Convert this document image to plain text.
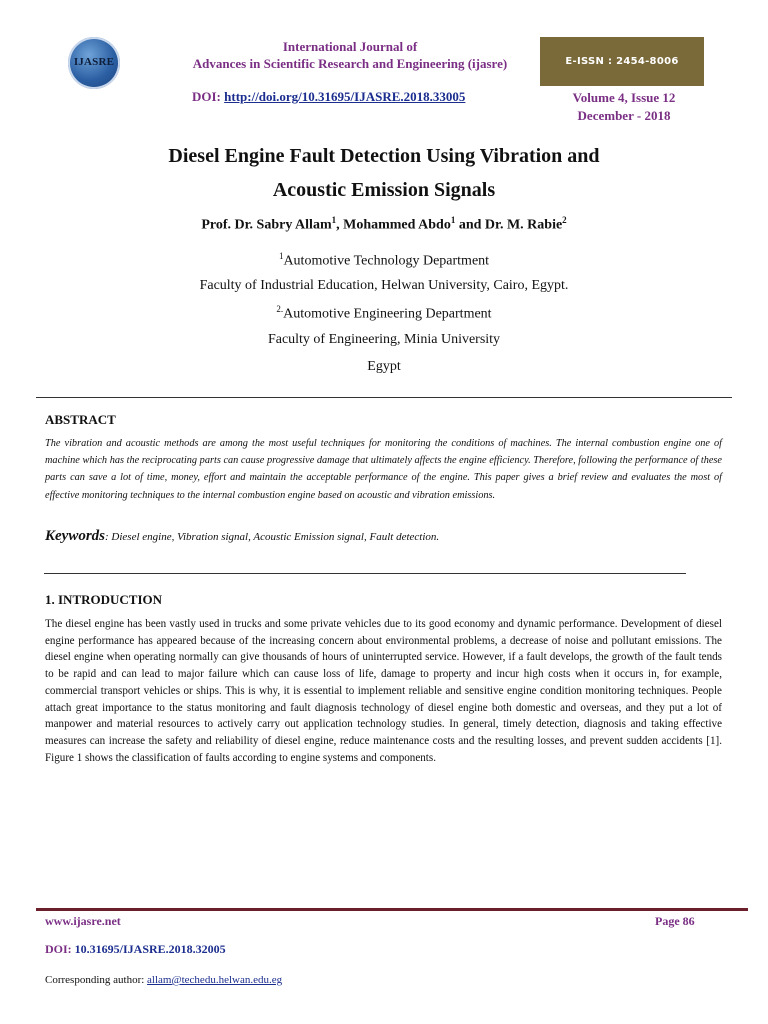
IJASRE
International Journal of
Advances in Scientific Research and Engineering (ijasre)	E-ISSN : 2454-8006
DOI: http://doi.org/10.31695/IJASRE.2018.33005	Volume 4, Issue 12
December - 2018
Diesel Engine Fault Detection Using Vibration and
Acoustic Emission Signals
Prof. Dr. Sabry Allam$^1$, Mohammed Abdo$^1$ and Dr. M. Rabie$^2$
$^1$Automotive Technology Department
Faculty of Industrial Education, Helwan University, Cairo, Egypt.
$^{2.}$Automotive Engineering Department
Faculty of Engineering, Minia University
Egypt
ABSTRACT
The vibration and acoustic methods are among the most useful techniques for monitoring the conditions of machines. The internal combustion engine one of machine which has the reciprocating parts can cause progressive damage that ultimately affects the engine efficiency. Therefore, following the performance of these parts can save a lot of time, money, effort and maintain the acceptable performance of the engine. This paper gives a brief review and evaluates the most of effective monitoring techniques to the internal combustion engine based on acoustic and vibration emissions.
Keywords: Diesel engine, Vibration signal, Acoustic Emission signal, Fault detection.
1. INTRODUCTION
The diesel engine has been vastly used in trucks and some private vehicles due to its good economy and dynamic performance. Development of diesel engine performance has appeared because of the increasing concern about environmental problems, a decrease of noise and pollutant emissions. The diesel engine when operating normally can give thousands of hours of uninterrupted service. However, if a fault develops, the growth of the fault tends to be rapid and can lead to major failure which can cause loss of life, damage to property and incur high costs when it occurs in, for example, commercial transport vehicles or ships. This is why, it is essential to implement reliable and sensitive engine condition monitoring techniques. People attach great importance to the status monitoring and fault diagnosis technology of diesel engine both domestic and overseas, and they put a lot of manpower and material resources to actively carry out application technology studies. In general, timely detection, diagnosis and taking effective measures can increase the safety and reliability of diesel engine, reduce maintenance costs and the resulting losses, and prevent sudden accidents [1]. Figure 1 shows the classification of faults according to engine systems and components.
www.ijasre.net	Page 86
DOI: 10.31695/IJASRE.2018.32005
Corresponding author: allam@techedu.helwan.edu.eg
